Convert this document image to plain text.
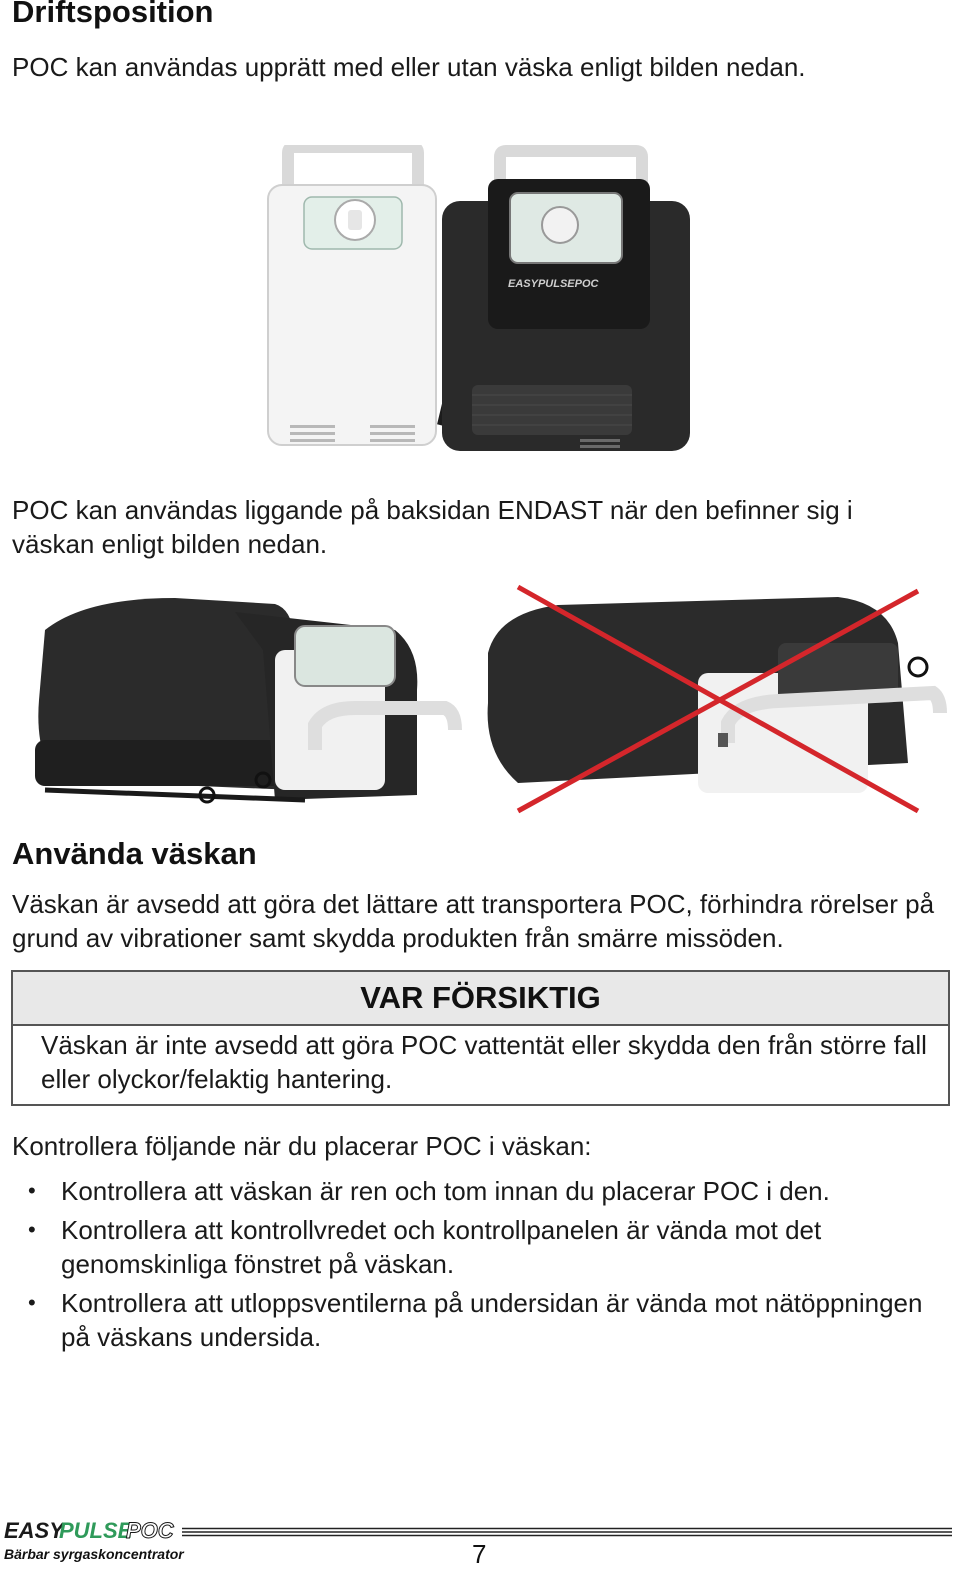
Driftsposition

POC kan användas upprätt med eller utan väska enligt bilden nedan.

EASYPULSEPOC

POC kan användas liggande på baksidan ENDAST när den befinner sig i väskan enligt bilden nedan.

Använda väskan

Väskan är avsedd att göra det lättare att transportera POC, förhindra rörelser på grund av vibrationer samt skydda produkten från smärre missöden.

VAR FÖRSIKTIG
Väskan är inte avsedd att göra POC vattentät eller skydda den från större fall eller olyckor/felaktig hantering.

Kontrollera följande när du placerar POC i väskan:

• Kontrollera att väskan är ren och tom innan du placerar POC i den.
• Kontrollera att kontrollvredet och kontrollpanelen är vända mot det genomskinliga fönstret på väskan.
• Kontrollera att utloppsventilerna på undersidan är vända mot nätöppningen på väskans undersida.
EASY
PULSE
POC
Bärbar syrgaskoncentrator	7
